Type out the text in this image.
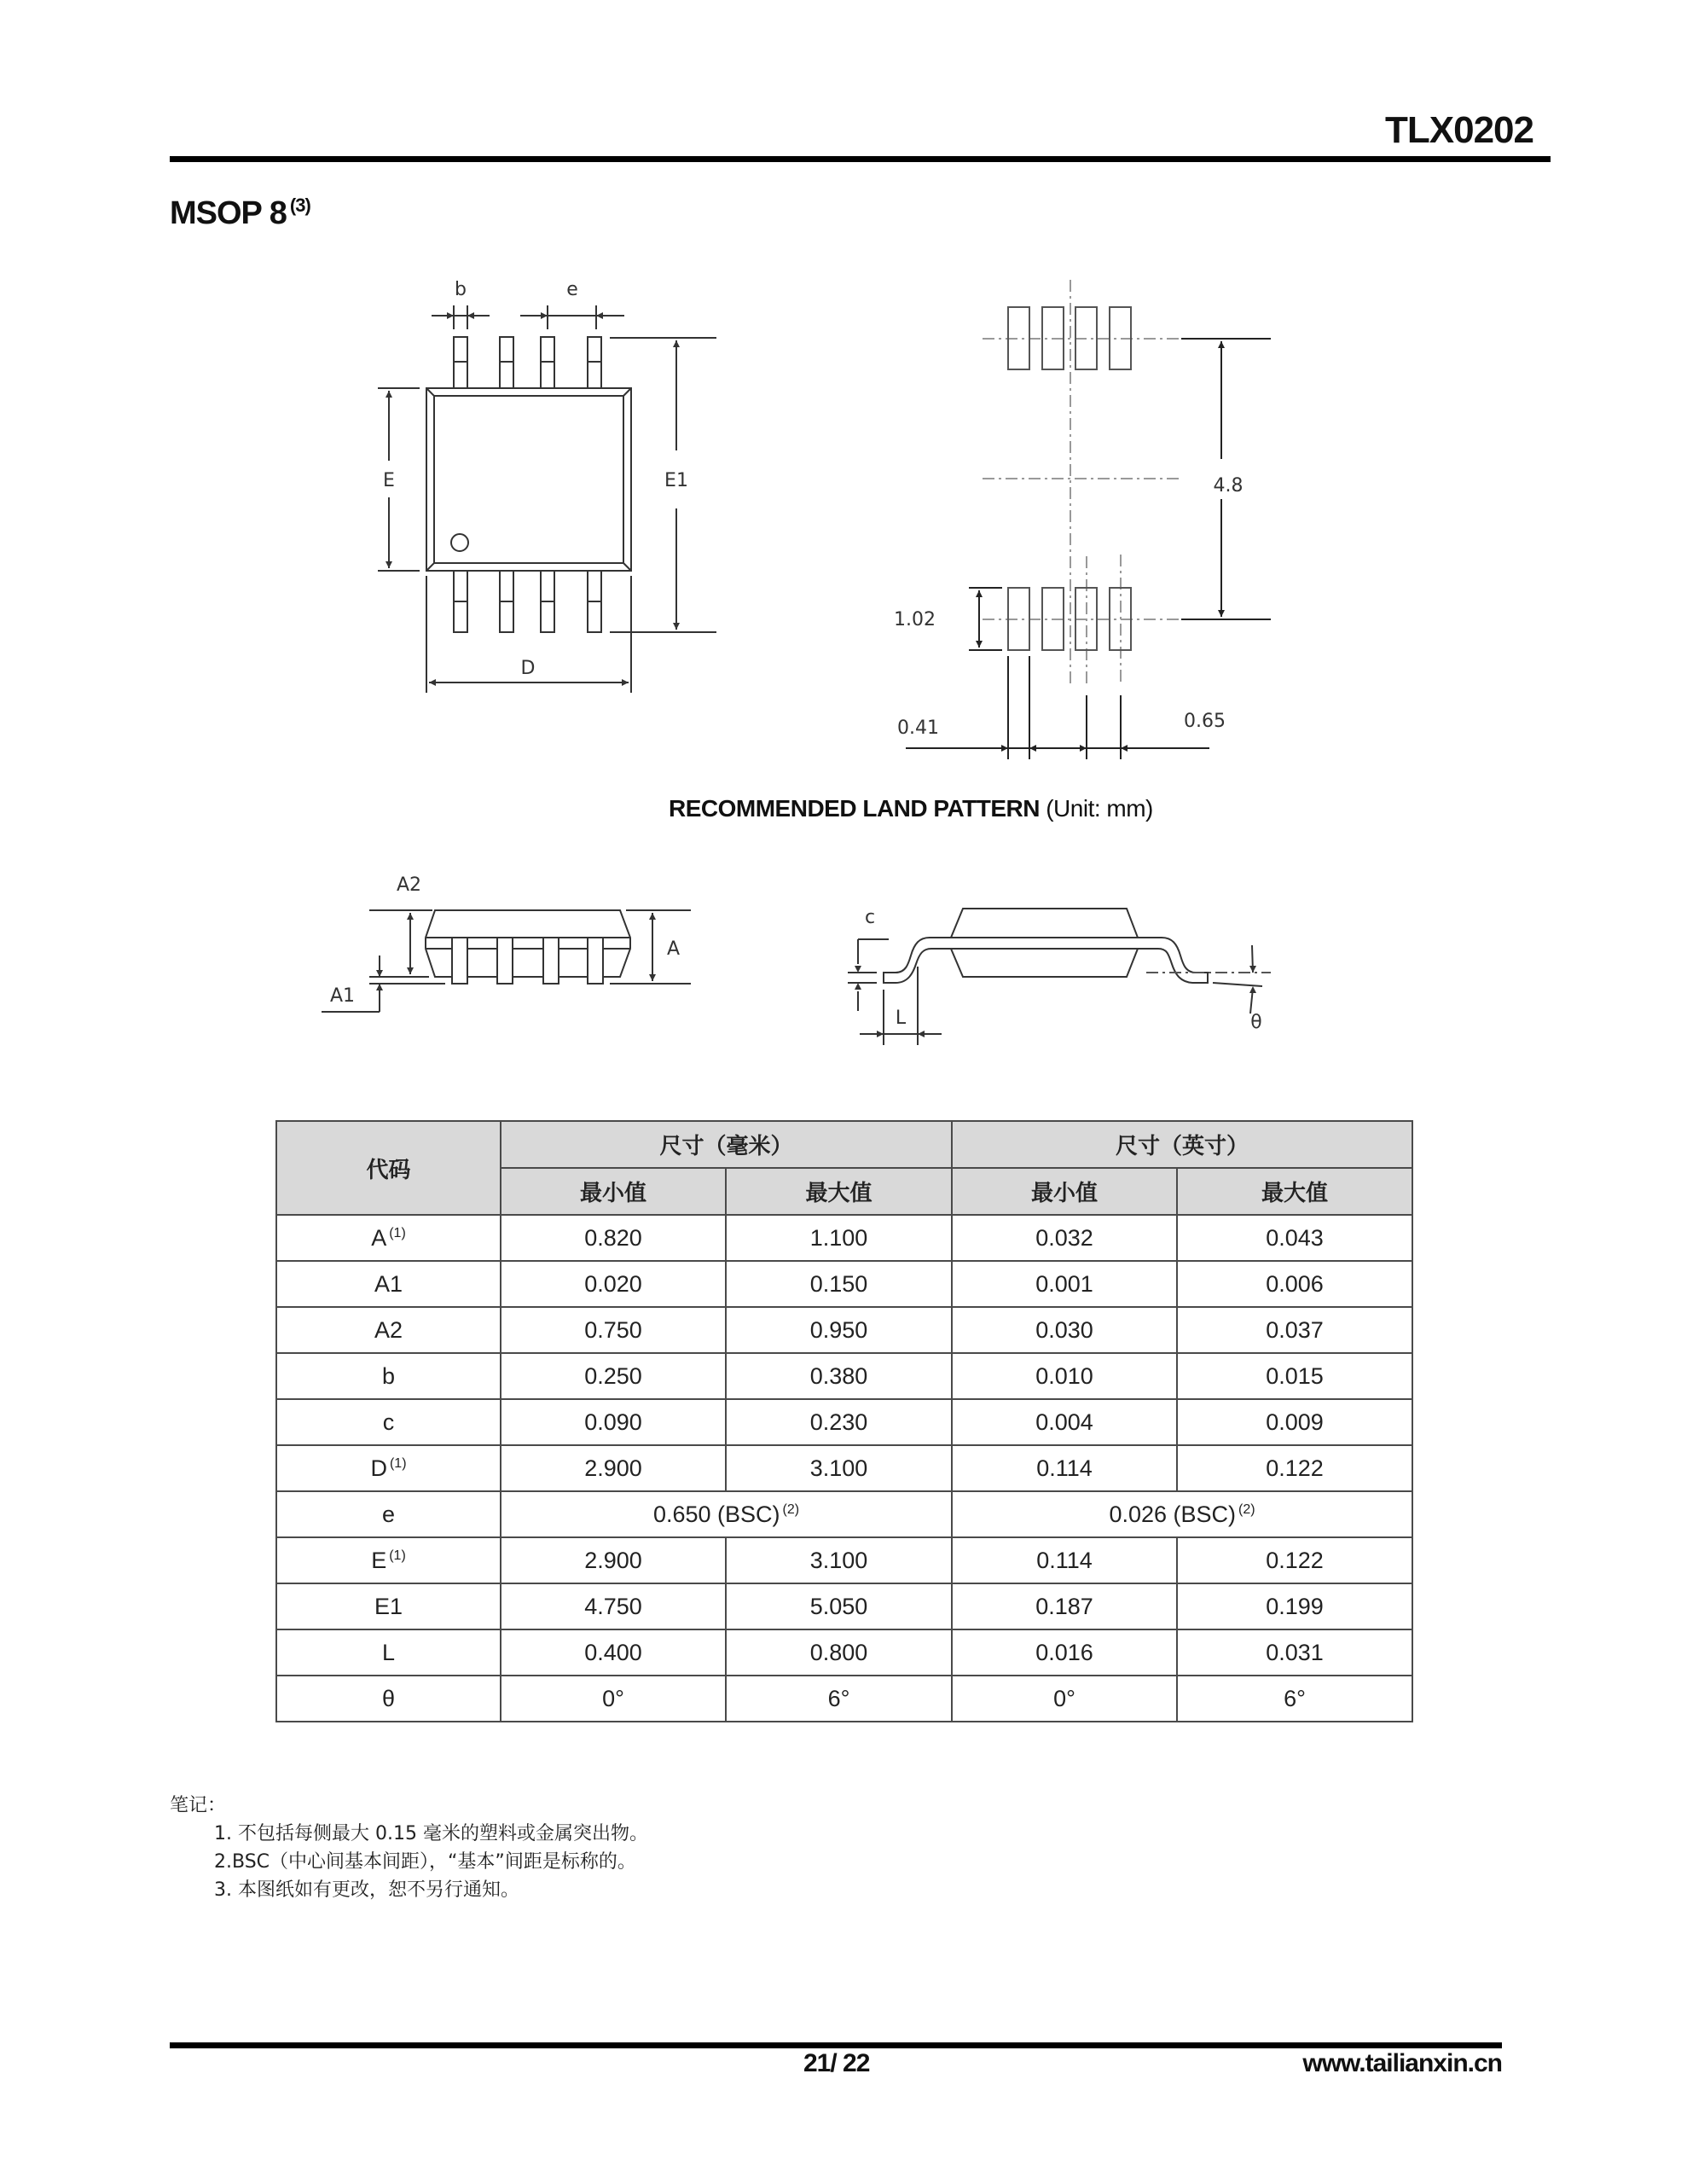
TLX0202
MSOP 8 $^{(3)}$
b	e
E	E1
D
4.8
1.02
0.41	0.65
RECOMMENDED LAND PATTERN (Unit: mm)
A2
A1
A
c
L	θ
代码	尺寸（毫米）		尺寸（英寸）	
	最小值	最大值	最小值	最大值
A $^{(1)}$	0.820	1.100	0.032	0.043
A1	0.020	0.150	0.001	0.006
A2	0.750	0.950	0.030	0.037
b	0.250	0.380	0.010	0.015
c	0.090	0.230	0.004	0.009
D $^{(1)}$	2.900	3.100	0.114	0.122
e	0.650 (BSC) $^{(2)}$		0.026 (BSC) $^{(2)}$
E $^{(1)}$	2.900	3.100	0.114	0.122
E1	4.750	5.050	0.187	0.199
L	0.400	0.800	0.016	0.031
θ	0°	6°	0°	6°
笔记：
1. 不包括每侧最大 0.15 毫米的塑料或金属突出物。
2.BSC（中心间基本间距），“基本”间距是标称的。
3. 本图纸如有更改，恕不另行通知。
21/ 22	www.tailianxin.cn
